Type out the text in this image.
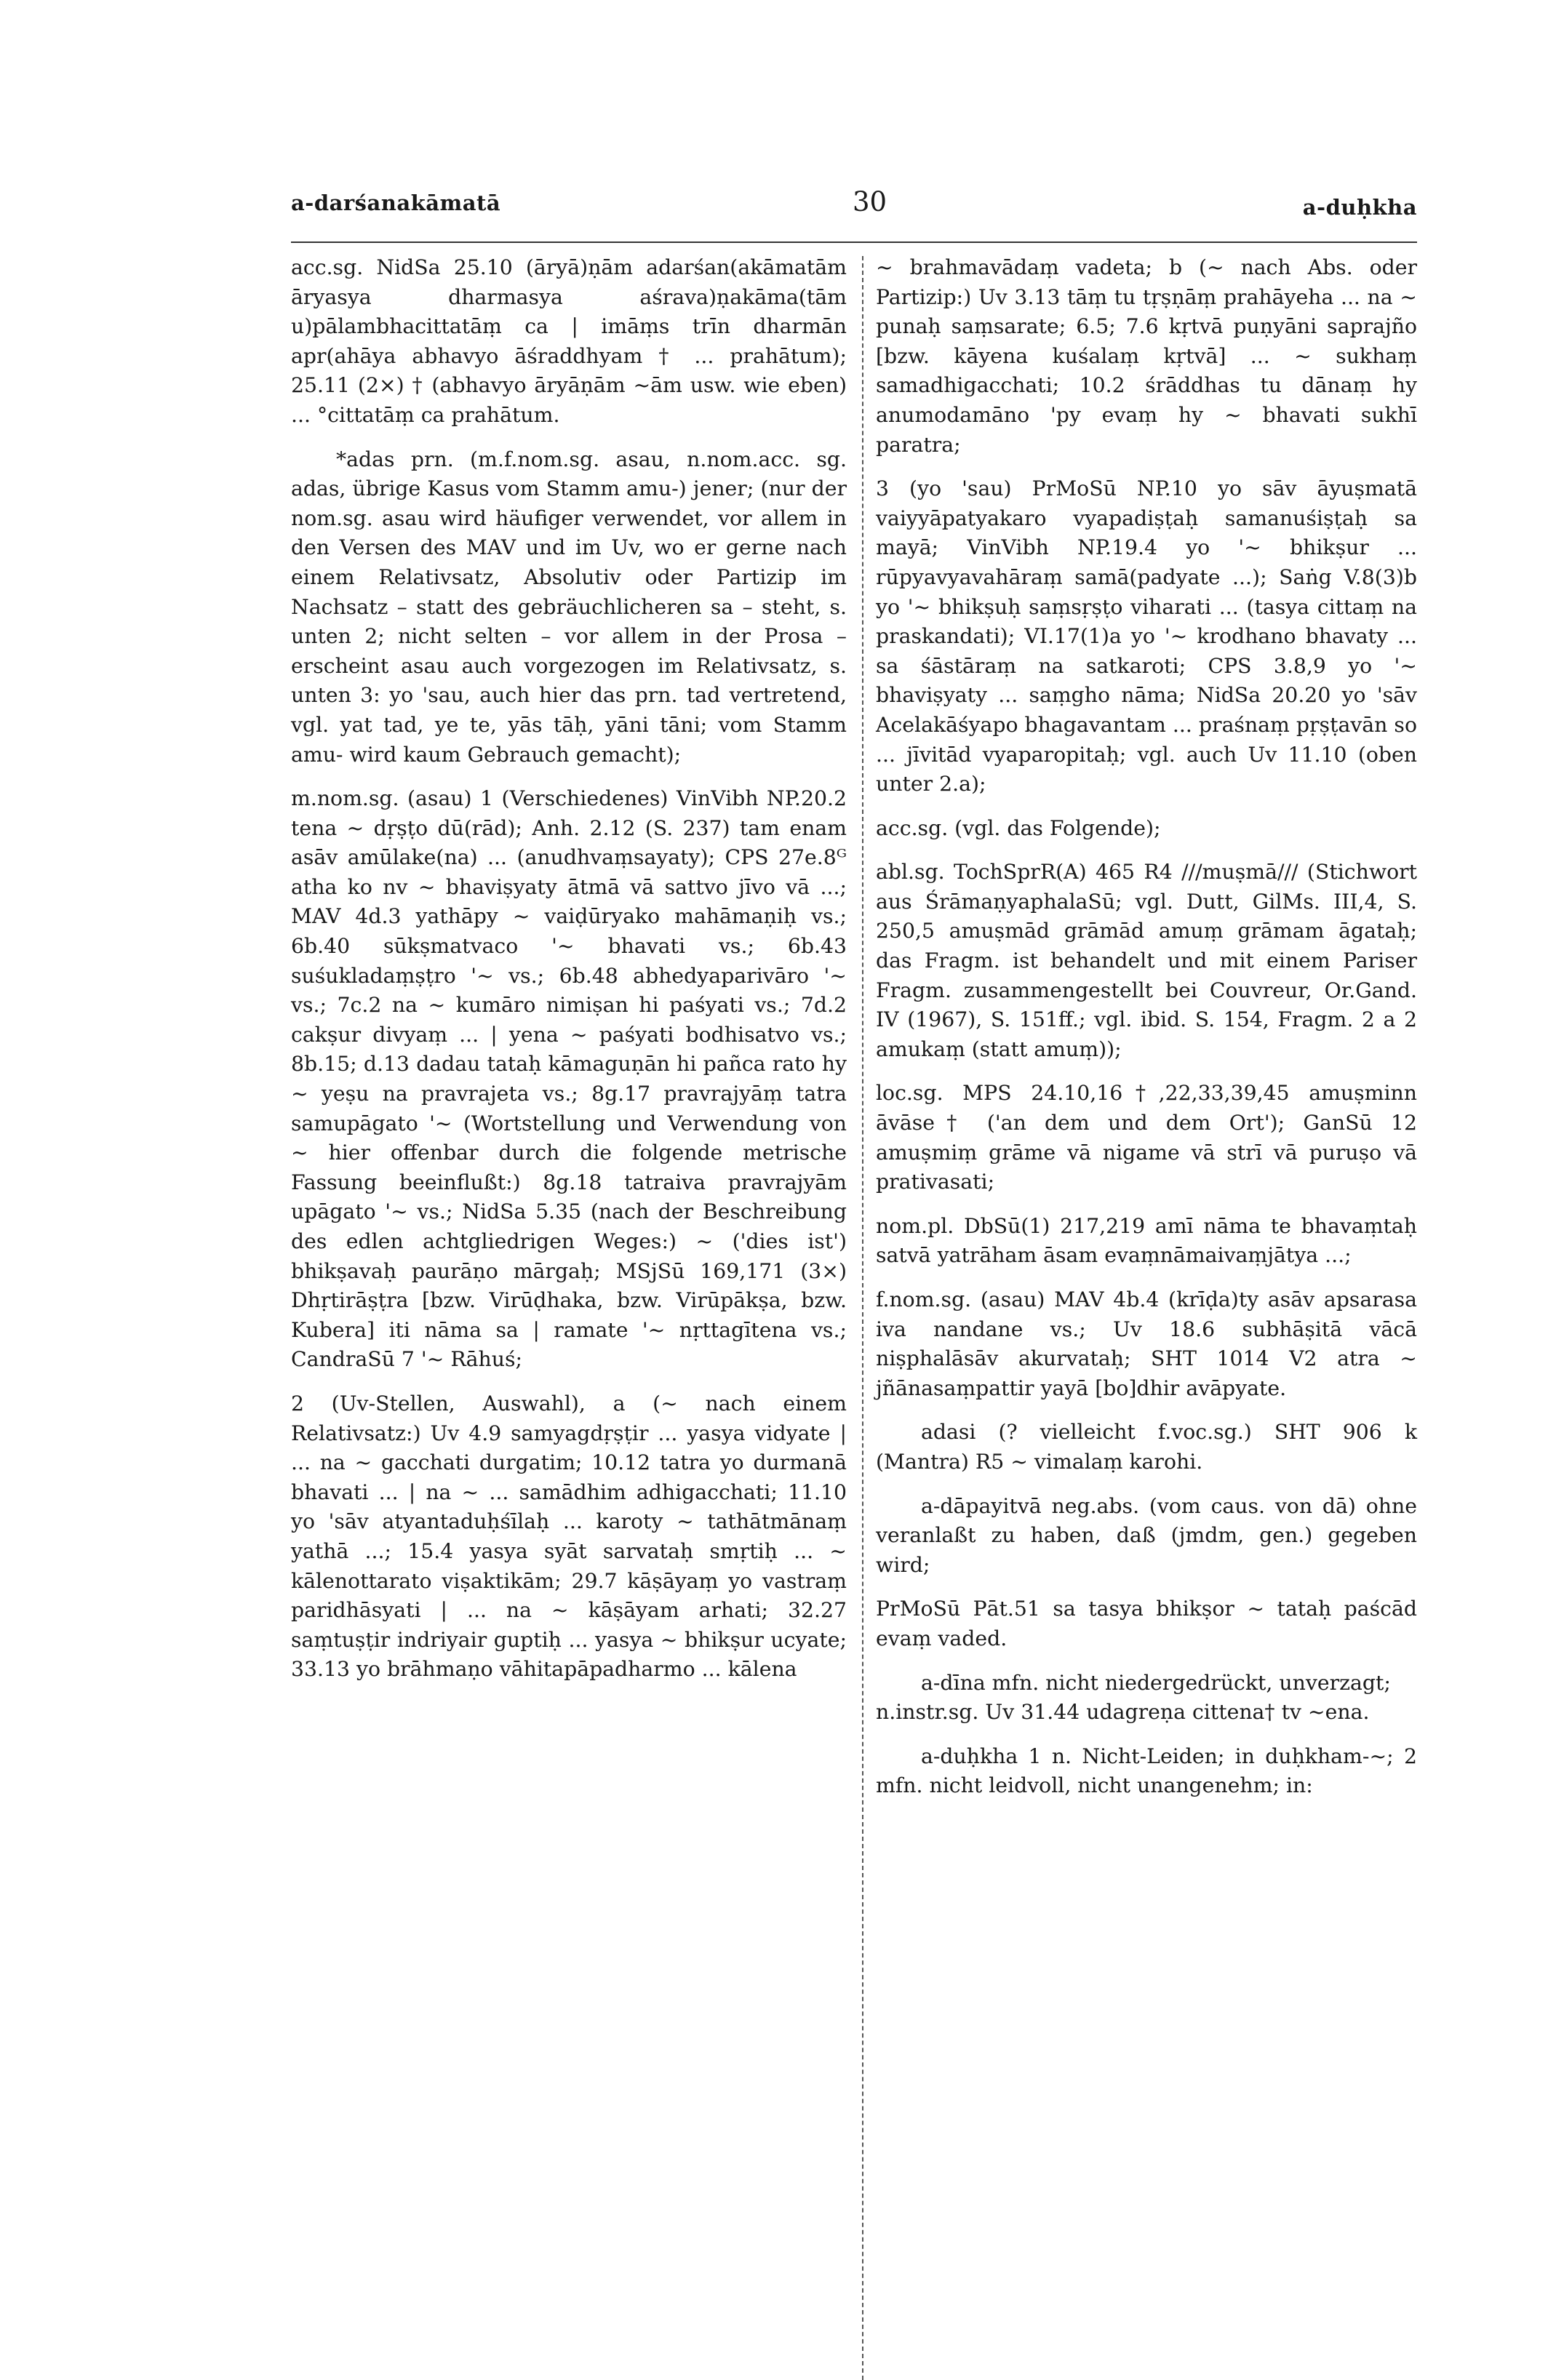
a-darśanakāmatā	30	a-duḥkha

acc.sg. NidSa 25.10 (āryā)ṇām adarśan(akāmatām āryasya dharmasya aśrava)ṇakāma(tām u)pālambhacittatāṃ ca | imāṃs trīn dharmān apr(ahāya abhavyo āśraddhyam † ... prahātum); 25.11 (2×) † (abhavyo āryāṇām ~ām usw. wie eben) ... °cittatāṃ ca prahātum.

*adas prn. (m.f.nom.sg. asau, n.nom.acc. sg. adas, übrige Kasus vom Stamm amu-) jener; (nur der nom.sg. asau wird häufiger verwendet, vor allem in den Versen des MAV und im Uv, wo er gerne nach einem Relativsatz, Absolutiv oder Partizip im Nachsatz – statt des gebräuchlicheren sa – steht, s. unten 2; nicht selten – vor allem in der Prosa – erscheint asau auch vorgezogen im Relativsatz, s. unten 3: yo 'sau, auch hier das prn. tad vertretend, vgl. yat tad, ye te, yās tāḥ, yāni tāni; vom Stamm amu- wird kaum Gebrauch gemacht);

m.nom.sg. (asau) 1 (Verschiedenes) VinVibh NP.20.2 tena ~ dṛṣṭo dū(rād); Anh. 2.12 (S. 237) tam enam asāv amūlake(na) ... (anudhvaṃsayaty); CPS 27e.8ᴳ atha ko nv ~ bhaviṣyaty ātmā vā sattvo jīvo vā ...; MAV 4d.3 yathāpy ~ vaiḍūryako mahāmaṇiḥ vs.; 6b.40 sūkṣmatvaco '~ bhavati vs.; 6b.43 suśukladaṃṣṭro '~ vs.; 6b.48 abhedyaparivāro '~ vs.; 7c.2 na ~ kumāro nimiṣan hi paśyati vs.; 7d.2 cakṣur divyaṃ ... | yena ~ paśyati bodhisatvo vs.; 8b.15; d.13 dadau tataḥ kāmaguṇān hi pañca rato hy ~ yeṣu na pravrajeta vs.; 8g.17 pravrajyāṃ tatra samupāgato '~ (Wortstellung und Verwendung von ~ hier offenbar durch die folgende metrische Fassung beeinflußt:) 8g.18 tatraiva pravrajyām upāgato '~ vs.; NidSa 5.35 (nach der Beschreibung des edlen achtgliedrigen Weges:) ~ ('dies ist') bhikṣavaḥ paurāṇo mārgaḥ; MSjSū 169,171 (3×) Dhṛtirāṣṭra [bzw. Virūḍhaka, bzw. Virūpākṣa, bzw. Kubera] iti nāma sa | ramate '~ nṛttagītena vs.; CandraSū 7 '~ Rāhuś;

2 (Uv-Stellen, Auswahl), a (~ nach einem Relativsatz:) Uv 4.9 samyagdṛṣṭir ... yasya vidyate | ... na ~ gacchati durgatim; 10.12 tatra yo durmanā bhavati ... | na ~ ... samādhim adhigacchati; 11.10 yo 'sāv atyantaduḥśīlaḥ ... karoty ~ tathātmānaṃ yathā ...; 15.4 yasya syāt sarvataḥ smṛtiḥ ... ~ kālenottarato viṣaktikām; 29.7 kāṣāyaṃ yo vastraṃ paridhāsyati | ... na ~ kāṣāyam arhati; 32.27 saṃtuṣṭir indriyair guptiḥ ... yasya ~ bhikṣur ucyate; 33.13 yo brāhmaṇo vāhitapāpadharmo ... kālena

~ brahmavādaṃ vadeta; b (~ nach Abs. oder Partizip:) Uv 3.13 tāṃ tu tṛṣṇāṃ prahāyeha ... na ~ punaḥ saṃsarate; 6.5; 7.6 kṛtvā puṇyāni saprajño [bzw. kāyena kuśalaṃ kṛtvā] ... ~ sukhaṃ samadhigacchati; 10.2 śrāddhas tu dānaṃ hy anumodamāno 'py evaṃ hy ~ bhavati sukhī paratra;

3 (yo 'sau) PrMoSū NP.10 yo sāv āyuṣmatā vaiyyāpatyakaro vyapadiṣṭaḥ samanuśiṣṭaḥ sa mayā; VinVibh NP.19.4 yo '~ bhikṣur ... rūpyavyavahāraṃ samā(padyate ...); Saṅg V.8(3)b yo '~ bhikṣuḥ saṃsṛṣṭo viharati ... (tasya cittaṃ na praskandati); VI.17(1)a yo '~ krodhano bhavaty ... sa śāstāraṃ na satkaroti; CPS 3.8,9 yo '~ bhaviṣyaty ... saṃgho nāma; NidSa 20.20 yo 'sāv Acelakāśyapo bhagavantam ... praśnaṃ pṛṣṭavān so ... jīvitād vyaparopitaḥ; vgl. auch Uv 11.10 (oben unter 2.a);

acc.sg. (vgl. das Folgende);

abl.sg. TochSprR(A) 465 R4 ///muṣmā/// (Stichwort aus ŚrāmaṇyaphalaSū; vgl. Dutt, GilMs. III,4, S. 250,5 amuṣmād grāmād amuṃ grāmam āgataḥ; das Fragm. ist behandelt und mit einem Pariser Fragm. zusammengestellt bei Couvreur, Or.Gand. IV (1967), S. 151ff.; vgl. ibid. S. 154, Fragm. 2 a 2 amukaṃ (statt amuṃ));

loc.sg. MPS 24.10,16†,22,33,39,45 amuṣminn āvāse† ('an dem und dem Ort'); GanSū 12 amuṣmiṃ grāme vā nigame vā strī vā puruṣo vā prativasati;

nom.pl. DbSū(1) 217,219 amī nāma te bhavaṃtaḥ satvā yatrāham āsam evaṃnāmaivaṃjātya ...;

f.nom.sg. (asau) MAV 4b.4 (krīḍa)ty asāv apsarasa iva nandane vs.; Uv 18.6 subhāṣitā vācā niṣphalāsāv akurvataḥ; SHT 1014 V2 atra ~ jñānasaṃpattir yayā [bo]dhir avāpyate.

adasi (? vielleicht f.voc.sg.) SHT 906 k (Mantra) R5 ~ vimalaṃ karohi.

a-dāpayitvā neg.abs. (vom caus. von dā) ohne veranlaßt zu haben, daß (jmdm, gen.) gegeben wird;

PrMoSū Pāt.51 sa tasya bhikṣor ~ tataḥ paścād evaṃ vaded.

a-dīna mfn. nicht niedergedrückt, unverzagt;

n.instr.sg. Uv 31.44 udagreṇa cittena† tv ~ena.

a-duḥkha 1 n. Nicht-Leiden; in duḥkham-~; 2 mfn. nicht leidvoll, nicht unangenehm; in:
